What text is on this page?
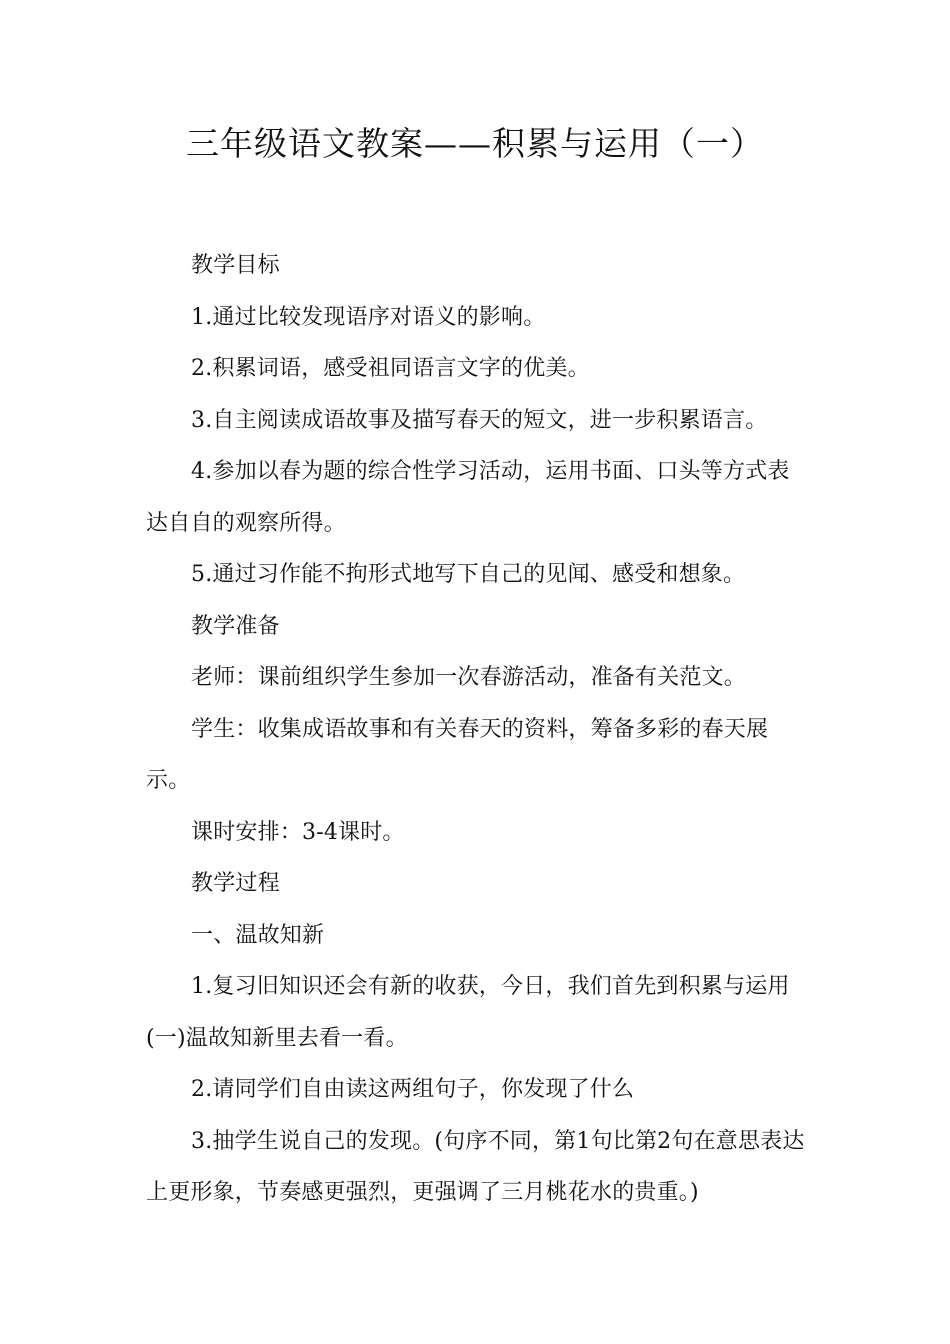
三年级语文教案——积累与运用（一）

教学目标

1.通过比较发现语序对语义的影响。

2.积累词语，感受祖同语言文字的优美。

3.自主阅读成语故事及描写春天的短文，进一步积累语言。

4.参加以春为题的综合性学习活动，运用书面、口头等方式表达自自的观察所得。

5.通过习作能不拘形式地写下自己的见闻、感受和想象。

教学准备

老师：课前组织学生参加一次春游活动，准备有关范文。

学生：收集成语故事和有关春天的资料，筹备多彩的春天展示。

课时安排：3-4课时。

教学过程

一、温故知新

1.复习旧知识还会有新的收获，今日，我们首先到积累与运用(一)温故知新里去看一看。

2.请同学们自由读这两组句子，你发现了什么

3.抽学生说自己的发现。(句序不同，第1句比第2句在意思表达上更形象，节奏感更强烈，更强调了三月桃花水的贵重。)
